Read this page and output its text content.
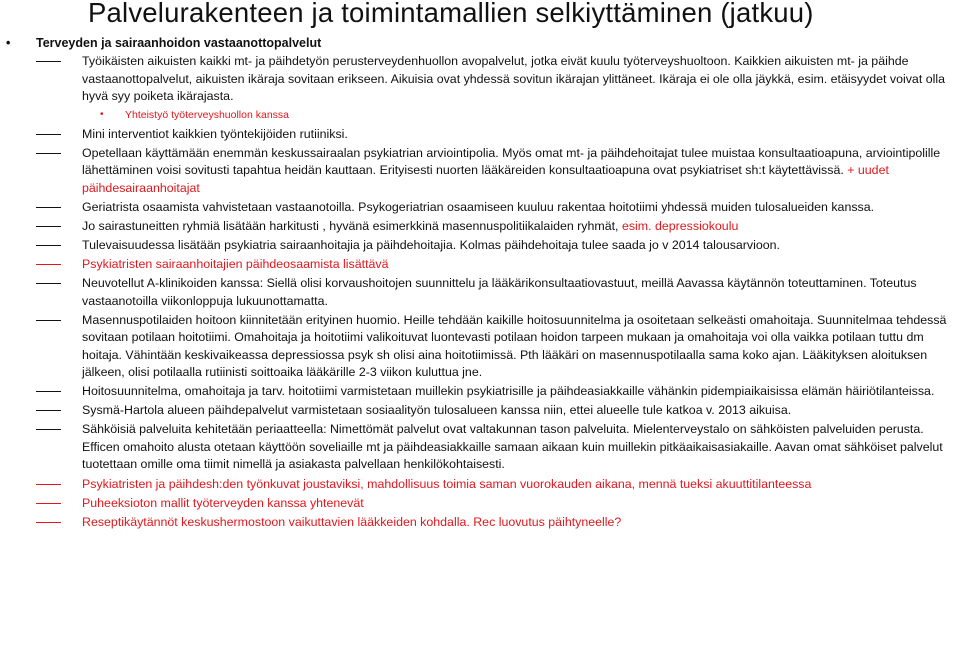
Palvelurakenteen ja toimintamallien selkiyttäminen (jatkuu)
• Terveyden ja sairaanhoidon vastaanottopalvelut
Työikäisten aikuisten kaikki mt- ja päihdetyön perusterveydenhuollon avopalvelut, jotka eivät kuulu työterveyshuoltoon. Kaikkien aikuisten mt- ja päihde vastaanottopalvelut, aikuisten ikäraja sovitaan erikseen. Aikuisia ovat yhdessä sovitun ikärajan ylittäneet. Ikäraja ei ole olla jäykkä, esim. etäisyydet voivat olla hyvä syy poiketa ikärajasta.
• Yhteistyö työterveyshuollon kanssa
Mini interventiot kaikkien työntekijöiden rutiiniksi.
Opetellaan käyttämään enemmän keskussairaalan psykiatrian arviointipolia. Myös omat mt- ja päihdehoitajat tulee muistaa konsultaatioapuna, arviointipolille lähettäminen voisi sovitusti tapahtua heidän kauttaan. Erityisesti nuorten lääkäreiden konsultaatioapuna ovat psykiatriset sh:t käytettävissä. + uudet päihdesairaanhoitajat
Geriatrista osaamista vahvistetaan vastaanotoilla. Psykogeriatrian osaamiseen kuuluu rakentaa hoitotiimi yhdessä muiden tulosalueiden kanssa.
Jo sairastuneitten ryhmiä lisätään harkitusti , hyvänä esimerkkinä masennuspolitiikalaiden ryhmät, esim. depressiokoulu
Tulevaisuudessa lisätään psykiatria sairaanhoitajia ja päihdehoitajia. Kolmas päihdehoitaja tulee saada jo v 2014 talousarvioon.
Psykiatristen sairaanhoitajien päihdeosaamista lisättävä
Neuvotellut A-klinikoiden kanssa: Siellä olisi korvaushoitojen suunnittelu ja lääkärikonsultaatiovastuut, meillä Aavassa käytännön toteuttaminen. Toteutus vastaanotoilla viikonloppuja lukuunottamatta.
Masennuspotilaiden hoitoon kiinnitetään erityinen huomio. Heille tehdään kaikille hoitosuunnitelma ja osoitetaan selkeästi omahoitaja. Suunnitelmaa tehdessä sovitaan potilaan hoitotiimi. Omahoitaja ja hoitotiimi valikoituvat luontevasti potilaan hoidon tarpeen mukaan ja omahoitaja voi olla vaikka potilaan tuttu dm hoitaja. Vähintään keskivaikeassa depressiossa psyk sh olisi aina hoitotiimissä. Pth lääkäri on masennuspotilaalla sama koko ajan. Lääkityksen aloituksen jälkeen, olisi potilaalla rutiinisti soittoaika lääkärille 2-3 viikon kuluttua jne.
Hoitosuunnitelma, omahoitaja ja tarv. hoitotiimi varmistetaan muillekin psykiatrisille ja päihdeasiakkaille vähänkin pidempiaikaisissa elämän häiriötilanteissa.
Sysmä-Hartola alueen päihdepalvelut varmistetaan sosiaalityön tulosalueen kanssa niin, ettei alueelle tule katkoa v. 2013 aikuisa.
Sähköisiä palveluita kehitetään periaatteella: Nimettömät palvelut ovat valtakunnan tason palveluita. Mielenterveystalo on sähköisten palveluiden perusta. Efficen omahoito alusta otetaan käyttöön soveliaille mt ja päihdeasiakkaille samaan aikaan kuin muillekin pitkäaikaisasiakaille. Aavan omat sähköiset palvelut tuotettaan omille oma tiimit nimellä ja asiakasta palvellaan henkilökohtaisesti.
Psykiatristen ja päihdesh:den työnkuvat joustaviksi, mahdollisuus toimia saman vuorokauden aikana, mennä tueksi akuuttitilanteessa
Puheeksioton mallit työterveyden kanssa yhtenevät
Reseptikäytännöt keskushermostoon vaikuttavien lääkkeiden kohdalla. Rec luovutus päihtyneelle?
